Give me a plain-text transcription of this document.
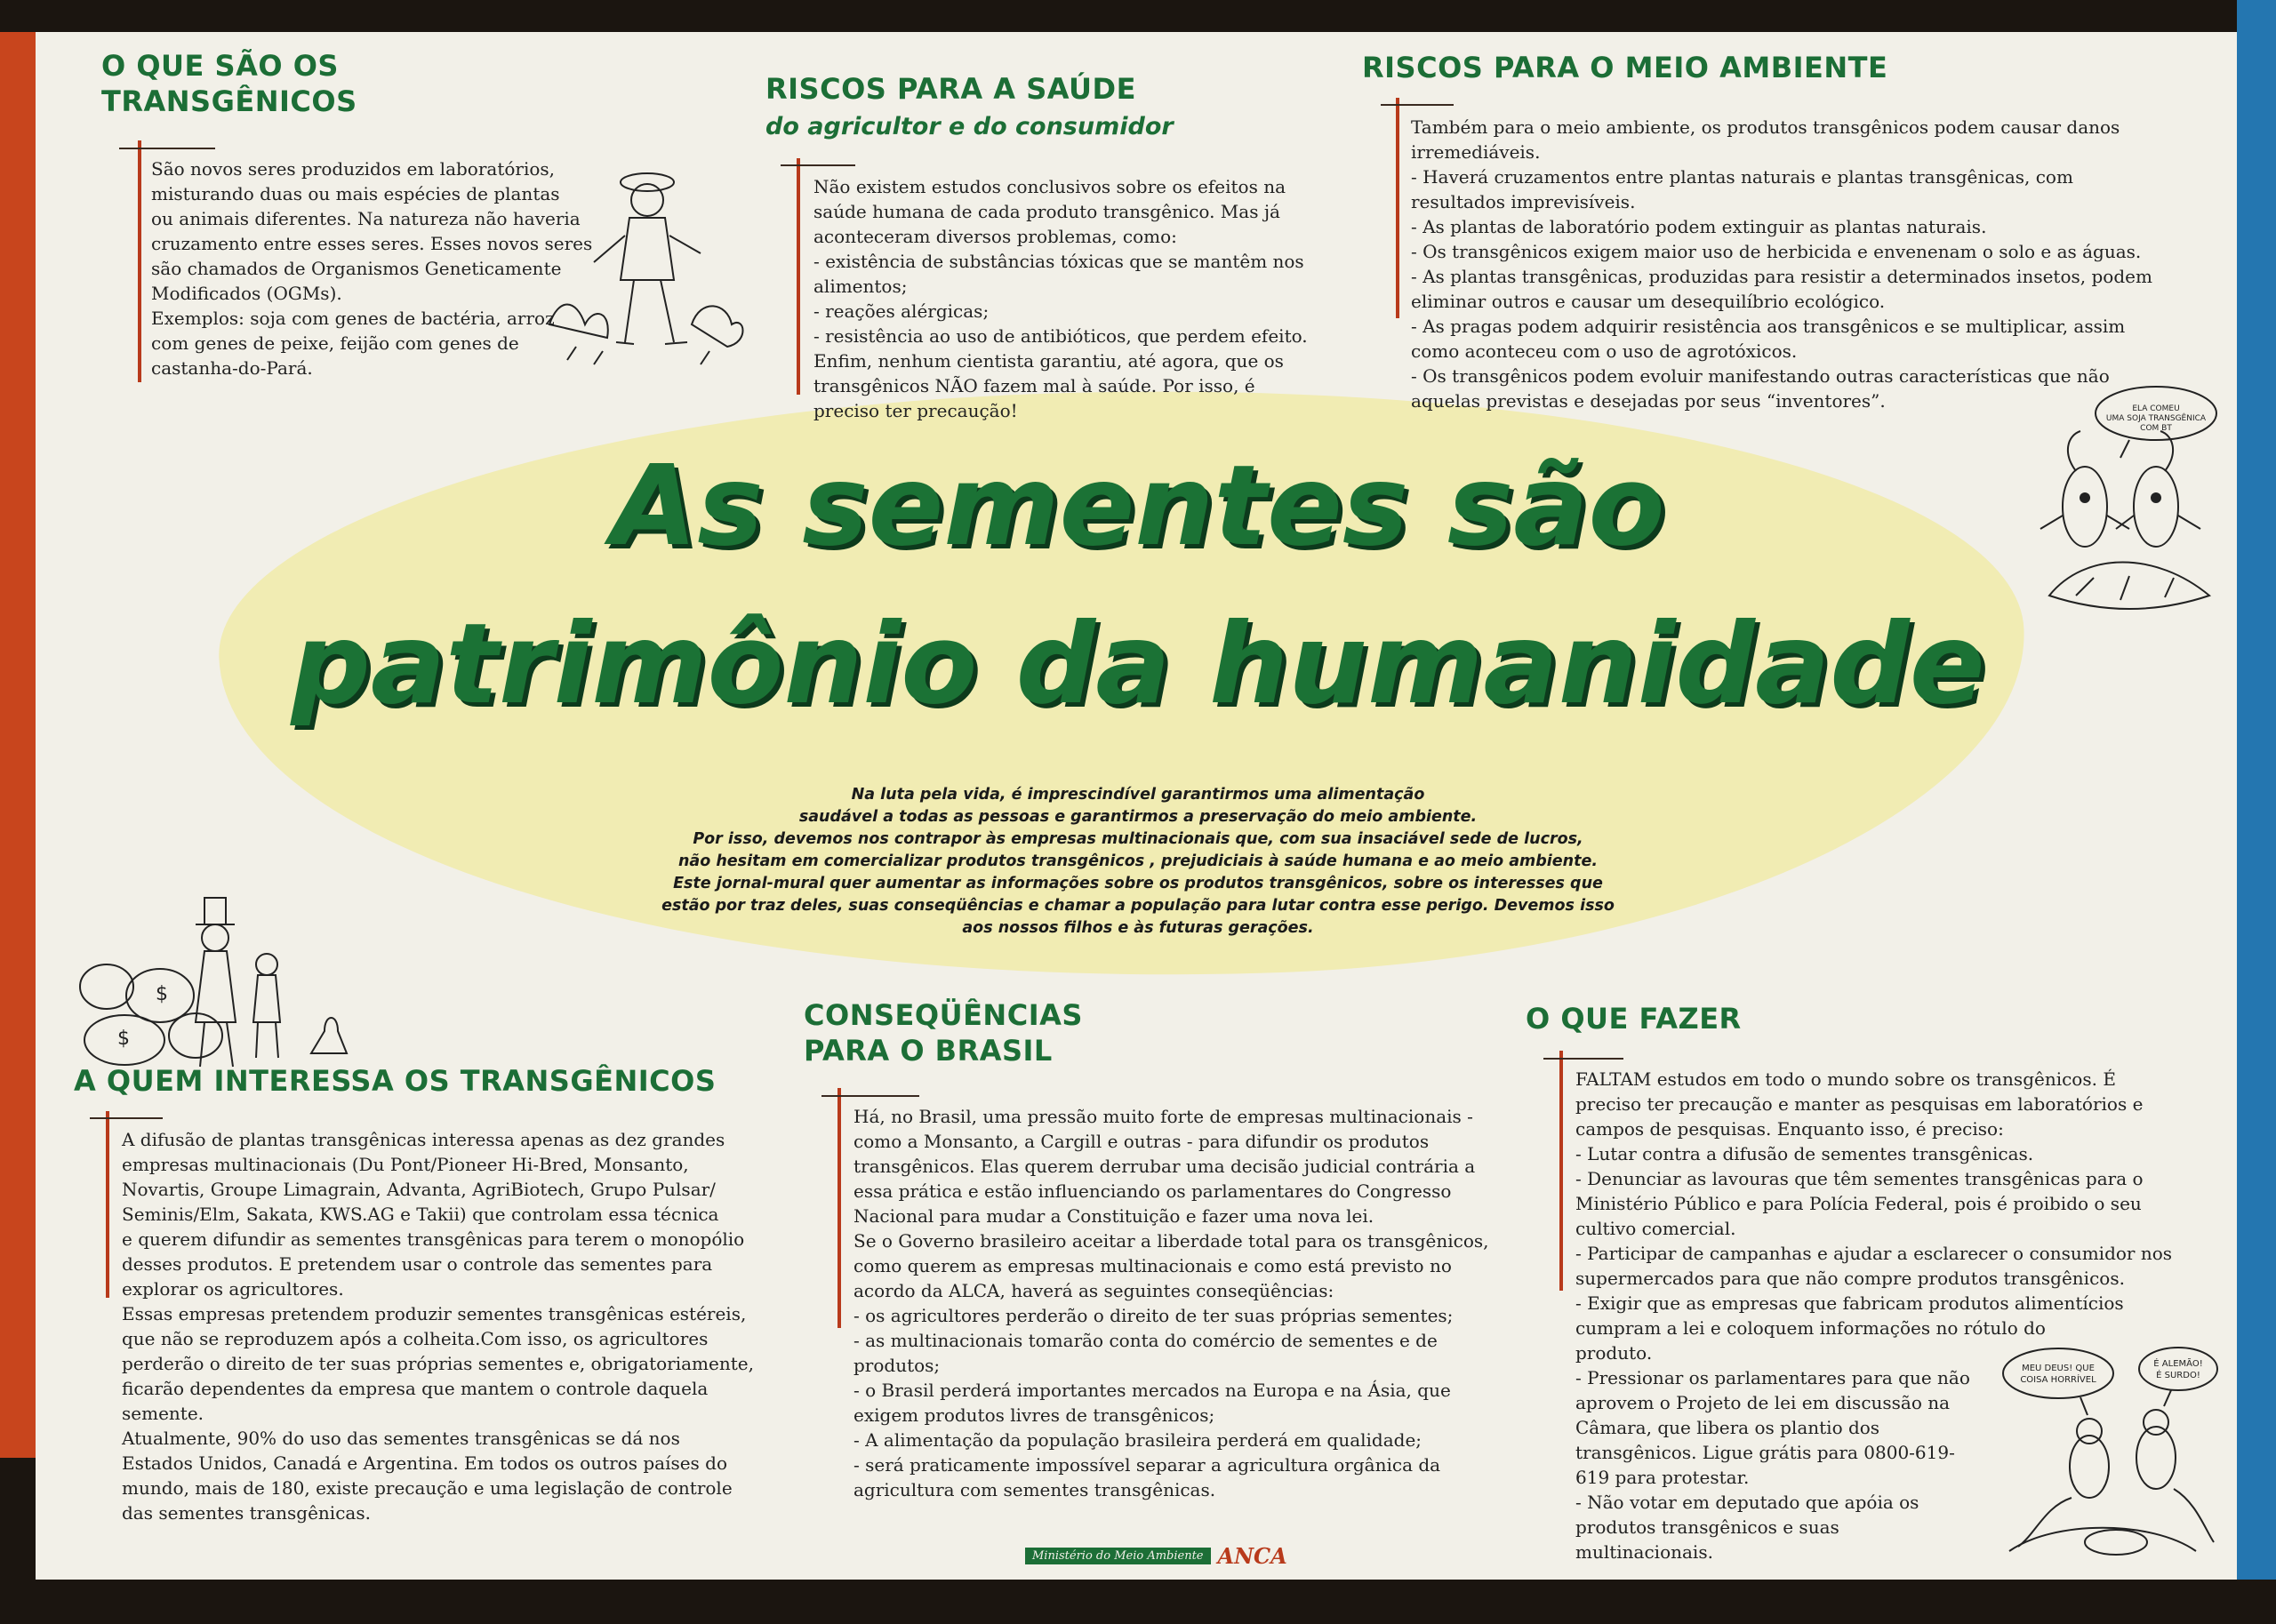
O QUE SÃO OS
TRANSGÊNICOS
São novos seres produzidos em laboratórios,
misturando duas ou mais espécies de plantas
ou animais diferentes. Na natureza não haveria
cruzamento entre esses seres. Esses novos seres
são chamados de Organismos Geneticamente
Modificados (OGMs).
Exemplos: soja com genes de bactéria, arroz
com genes de peixe, feijão com genes de
castanha-do-Pará.
RISCOS PARA A SAÚDE
do agricultor e do consumidor
Não existem estudos conclusivos sobre os efeitos na
saúde humana de cada produto transgênico. Mas já
aconteceram diversos problemas, como:
- existência de substâncias tóxicas que se mantêm nos
alimentos;
- reações alérgicas;
- resistência ao uso de antibióticos, que perdem efeito.
Enfim, nenhum cientista garantiu, até agora, que os
transgênicos NÃO fazem mal à saúde. Por isso, é
preciso ter precaução!
RISCOS PARA O MEIO AMBIENTE
Também para o meio ambiente, os produtos transgênicos podem causar danos
irremediáveis.
- Haverá cruzamentos entre plantas naturais e plantas transgênicas, com
resultados imprevisíveis.
- As plantas de laboratório podem extinguir as plantas naturais.
- Os transgênicos exigem maior uso de herbicida e envenenam o solo e as águas.
- As plantas transgênicas, produzidas para resistir a determinados insetos, podem
eliminar outros e causar um desequilíbrio ecológico.
- As pragas podem adquirir resistência aos transgênicos e se multiplicar, assim
como aconteceu com o uso de agrotóxicos.
- Os transgênicos podem evoluir manifestando outras características que não
aquelas previstas e desejadas por seus “inventores”.	ELA COMEU
UMA SOJA TRANSGÊNICA
COM BT
As sementes são
patrimônio da humanidade
Na luta pela vida, é imprescindível garantirmos uma alimentação
saudável a todas as pessoas e garantirmos a preservação do meio ambiente.
Por isso, devemos nos contrapor às empresas multinacionais que, com sua insaciável sede de lucros,
não hesitam em comercializar produtos transgênicos , prejudiciais à saúde humana e ao meio ambiente.
Este jornal-mural quer aumentar as informações sobre os produtos transgênicos, sobre os interesses que
estão por traz deles, suas conseqüências e chamar a população para lutar contra esse perigo. Devemos isso
aos nossos filhos e às futuras gerações.
$
$
A QUEM INTERESSA OS TRANSGÊNICOS
A difusão de plantas transgênicas interessa apenas as dez grandes
empresas multinacionais (Du Pont/Pioneer Hi-Bred, Monsanto,
Novartis, Groupe Limagrain, Advanta, AgriBiotech, Grupo Pulsar/
Seminis/Elm, Sakata, KWS.AG e Takii) que controlam essa técnica
e querem difundir as sementes transgênicas para terem o monopólio
desses produtos. E pretendem usar o controle das sementes para
explorar os agricultores.
Essas empresas pretendem produzir sementes transgênicas estéreis,
que não se reproduzem após a colheita.Com isso, os agricultores
perderão o direito de ter suas próprias sementes e, obrigatoriamente,
ficarão dependentes da empresa que mantem o controle daquela
semente.
Atualmente, 90% do uso das sementes transgênicas se dá nos
Estados Unidos, Canadá e Argentina. Em todos os outros países do
mundo, mais de 180, existe precaução e uma legislação de controle
das sementes transgênicas.
CONSEQÜÊNCIAS
PARA O BRASIL
Há, no Brasil, uma pressão muito forte de empresas multinacionais -
como a Monsanto, a Cargill e outras - para difundir os produtos
transgênicos. Elas querem derrubar uma decisão judicial contrária a
essa prática e estão influenciando os parlamentares do Congresso
Nacional para mudar a Constituição e fazer uma nova lei.
Se o Governo brasileiro aceitar a liberdade total para os transgênicos,
como querem as empresas multinacionais e como está previsto no
acordo da ALCA, haverá as seguintes conseqüências:
- os agricultores perderão o direito de ter suas próprias sementes;
- as multinacionais tomarão conta do comércio de sementes e de
produtos;
- o Brasil perderá importantes mercados na Europa e na Ásia, que
exigem produtos livres de transgênicos;
- A alimentação da população brasileira perderá em qualidade;
- será praticamente impossível separar a agricultura orgânica da
agricultura com sementes transgênicas.
O QUE FAZER
FALTAM estudos em todo o mundo sobre os transgênicos. É
preciso ter precaução e manter as pesquisas em laboratórios e
campos de pesquisas. Enquanto isso, é preciso:
- Lutar contra a difusão de sementes transgênicas.
- Denunciar as lavouras que têm sementes transgênicas para o
Ministério Público e para Polícia Federal, pois é proibido o seu
cultivo comercial.
- Participar de campanhas e ajudar a esclarecer o consumidor nos
supermercados para que não compre produtos transgênicos.
- Exigir que as empresas que fabricam produtos alimentícios
cumpram a lei e coloquem informações no rótulo do
produto.
- Pressionar os parlamentares para que não
aprovem o Projeto de lei em discussão na
Câmara, que libera os plantio dos
transgênicos. Ligue grátis para 0800-619-
619 para protestar.
- Não votar em deputado que apóia os
produtos transgênicos e suas
multinacionais.
MEU DEUS! QUE
COISA HORRÍVEL
É ALEMÃO!
É SURDO!
Ministério do Meio Ambiente ANCA
